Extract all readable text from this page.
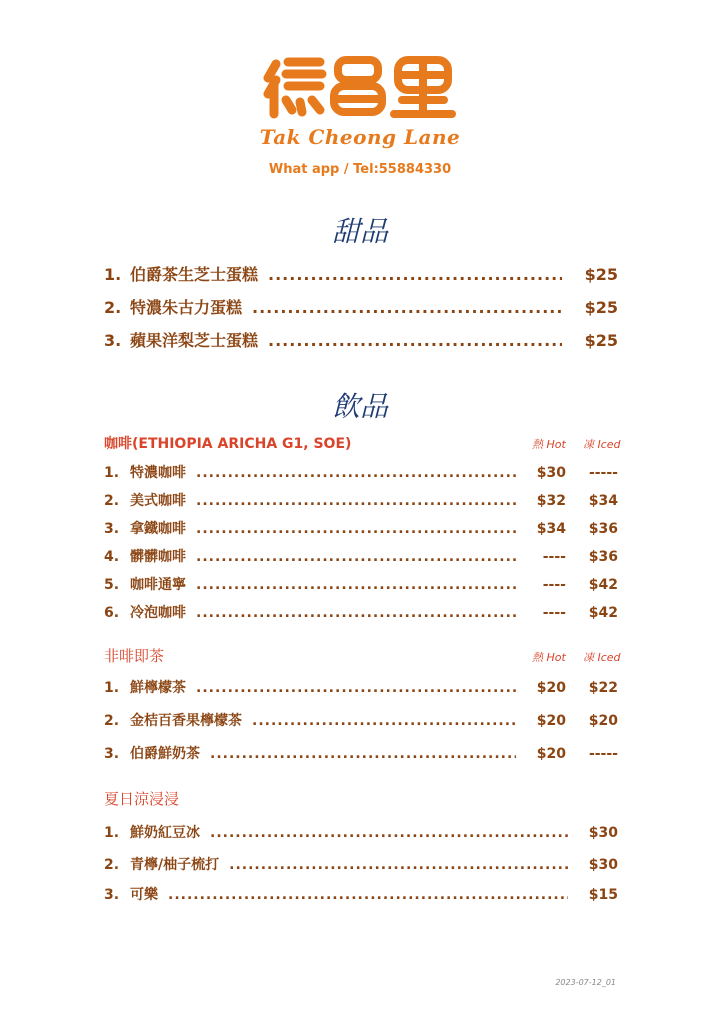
Tak Cheong Lane
What app / Tel:55884330
甜品
1. 伯爵茶生芝士蛋糕 .....	$25
2. 特濃朱古力蛋糕 .....	$25
3. 蘋果洋梨芝士蛋糕 .....	$25
飲品
咖啡(ETHIOPIA ARICHA G1, SOE)	熱 Hot 凍 Iced
1. 特濃咖啡 .....	$30	-----
2. 美式咖啡 .....	$32	$34
3. 拿鐵咖啡 .....	$34	$36
4. 髒髒咖啡 .....	----	$36
5. 咖啡通寧 .....	----	$42
6. 冷泡咖啡 .....	----	$42
非啡即茶	熱 Hot 凍 Iced
1. 鮮檸檬茶 .....	$20	$22
2. 金桔百香果檸檬茶 .....	$20	$20
3. 伯爵鮮奶茶 .....	$20	-----
夏日涼浸浸
1. 鮮奶紅豆冰 .....	$30
2. 青檸/柚子梳打 .....	$30
3. 可樂 .....	$15
2023-07-12_01
